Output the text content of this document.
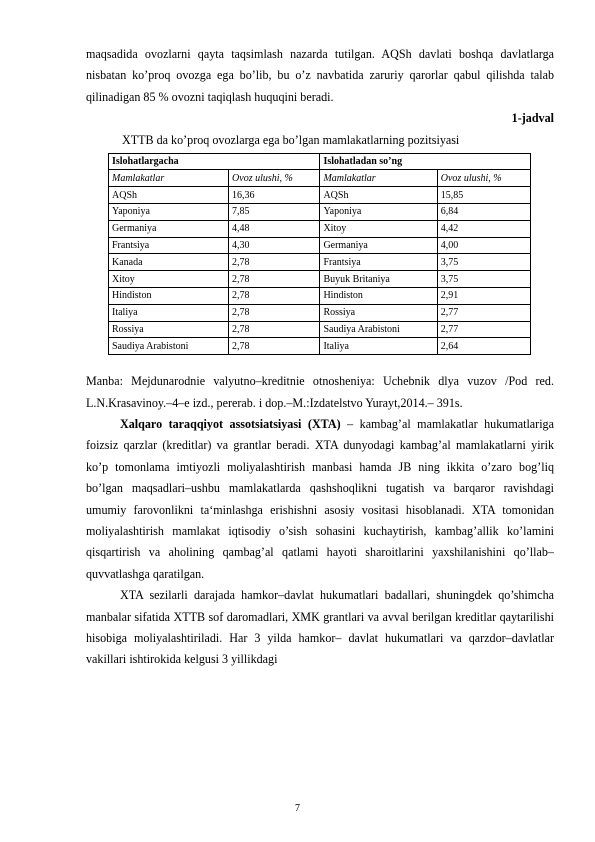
maqsadida ovozlarni qayta taqsimlash nazarda tutilgan. AQSh davlati boshqa davlatlarga nisbatan ko’proq ovozga ega bo’lib, bu o’z navbatida zaruriy qarorlar qabul qilishda talab qilinadigan 85 % ovozni taqiqlash huquqini beradi.

1-jadval

XTTB da ko’proq ovozlarga ega bo’lgan mamlakatlarning pozitsiyasi

Islohatlargacha		Islohatladan so’ng	
Mamlakatlar	Ovoz ulushi, %	Mamlakatlar	Ovoz ulushi, %
AQSh	16,36	AQSh	15,85
Yaponiya	7,85	Yaponiya	6,84
Germaniya	4,48	Xitoy	4,42
Frantsiya	4,30	Germaniya	4,00
Kanada	2,78	Frantsiya	3,75
Xitoy	2,78	Buyuk Britaniya	3,75
Hindiston	2,78	Hindiston	2,91
Italiya	2,78	Rossiya	2,77
Rossiya	2,78	Saudiya Arabistoni	2,77
Saudiya Arabistoni	2,78	Italiya	2,64

Manba: Mejdunarodnie valyutno–kreditnie otnosheniya: Uchebnik dlya vuzov /Pod red. L.N.Krasavinoy.–4–e izd., pererab. i dop.–M.:Izdatelstvo Yurayt,2014.– 391s.

Xalqaro taraqqiyot assotsiatsiyasi (XTA) – kambag’al mamlakatlar hukumatlariga foizsiz qarzlar (kreditlar) va grantlar beradi. XTA dunyodagi kambag’al mamlakatlarni yirik ko’p tomonlama imtiyozli moliyalashtirish manbasi hamda JB ning ikkita o’zaro bog’liq bo’lgan maqsadlari–ushbu mamlakatlarda qashshoqlikni tugatish va barqaror ravishdagi umumiy farovonlikni ta‘minlashga erishishni asosiy vositasi hisoblanadi. XTA tomonidan moliyalashtirish mamlakat iqtisodiy o’sish sohasini kuchaytirish, kambag’allik ko’lamini qisqartirish va aholining qambag’al qatlami hayoti sharoitlarini yaxshilanishini qo’llab– quvvatlashga qaratilgan.

XTA sezilarli darajada hamkor–davlat hukumatlari badallari, shuningdek qo’shimcha manbalar sifatida XTTB sof daromadlari, XMK grantlari va avval berilgan kreditlar qaytarilishi hisobiga moliyalashtiriladi. Har 3 yilda hamkor– davlat hukumatlari va qarzdor–davlatlar vakillari ishtirokida kelgusi 3 yillikdagi

7
